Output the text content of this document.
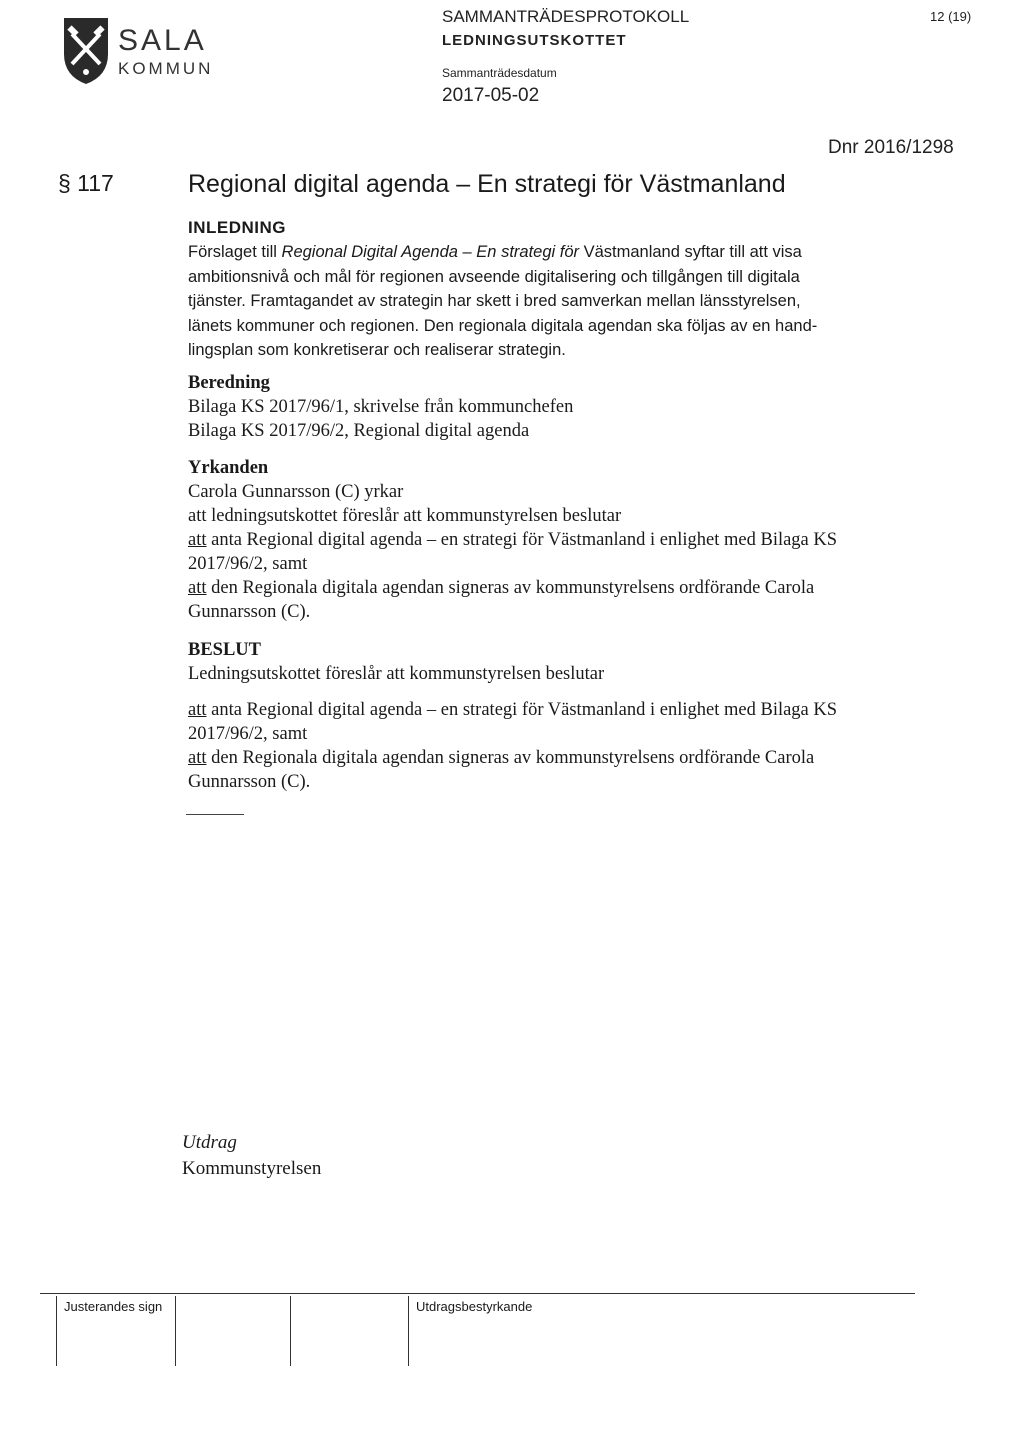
SALA
KOMMUN
SAMMANTRÄDESPROTOKOLL
LEDNINGSUTSKOTTET
Sammanträdesdatum
2017-05-02
12 (19)
Dnr 2016/1298
§ 117	Regional digital agenda – En strategi för Västmanland
INLEDNING
Förslaget till Regional Digital Agenda – En strategi för Västmanland syftar till att visa
ambitionsnivå och mål för regionen avseende digitalisering och tillgången till digitala
tjänster. Framtagandet av strategin har skett i bred samverkan mellan länsstyrelsen,
länets kommuner och regionen. Den regionala digitala agendan ska följas av en hand-
lingsplan som konkretiserar och realiserar strategin.
Beredning
Bilaga KS 2017/96/1, skrivelse från kommunchefen
Bilaga KS 2017/96/2, Regional digital agenda
Yrkanden
Carola Gunnarsson (C) yrkar
att ledningsutskottet föreslår att kommunstyrelsen beslutar
att anta Regional digital agenda – en strategi för Västmanland i enlighet med Bilaga KS
2017/96/2, samt
att den Regionala digitala agendan signeras av kommunstyrelsens ordförande Carola
Gunnarsson (C).
BESLUT
Ledningsutskottet föreslår att kommunstyrelsen beslutar
att anta Regional digital agenda – en strategi för Västmanland i enlighet med Bilaga KS
2017/96/2, samt
att den Regionala digitala agendan signeras av kommunstyrelsens ordförande Carola
Gunnarsson (C).
Utdrag
Kommunstyrelsen
Justerandes sign	Utdragsbestyrkande
